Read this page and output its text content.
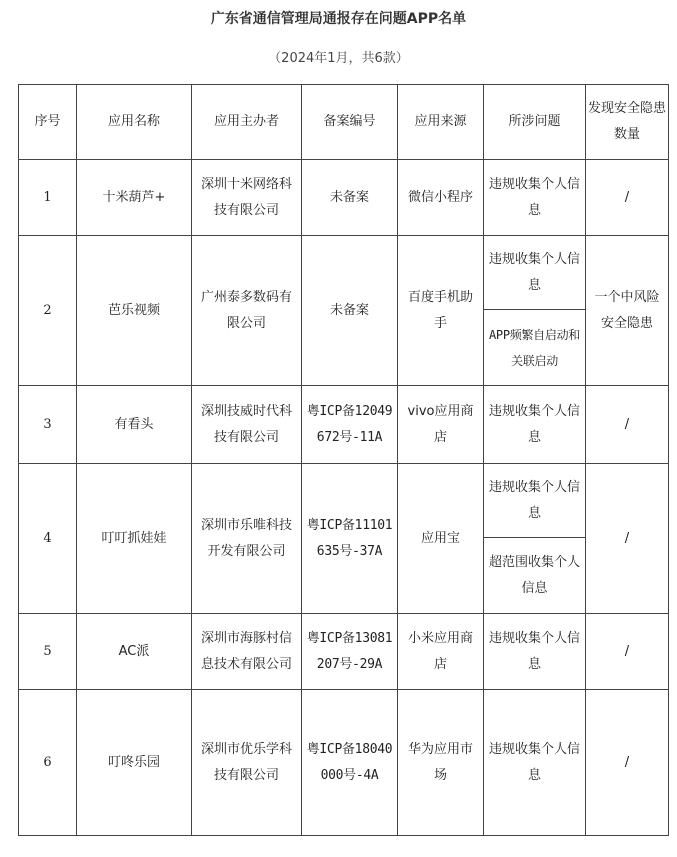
广东省通信管理局通报存在问题APP名单
（2024年1月，共6款）
序号	应用名称	应用主办者	备案编号	应用来源	所涉问题	发现安全隐患数量
1	十米葫芦+	深圳十米网络科技有限公司	未备案	微信小程序	违规收集个人信息	/
2	芭乐视频	广州泰多数码有限公司	未备案	百度手机助手	违规收集个人信息	一个中风险安全隐患
					APP频繁自启动和关联启动	
3	有看头	深圳技威时代科技有限公司	粤ICP备12049672号-11A	vivo应用商店	违规收集个人信息	/
4	叮叮抓娃娃	深圳市乐唯科技开发有限公司	粤ICP备11101635号-37A	应用宝	违规收集个人信息	/
					超范围收集个人信息	
5	AC派	深圳市海豚村信息技术有限公司	粤ICP备13081207号-29A	小米应用商店	违规收集个人信息	/
6	叮咚乐园	深圳市优乐学科技有限公司	粤ICP备18040000号-4A	华为应用市场	违规收集个人信息	/
